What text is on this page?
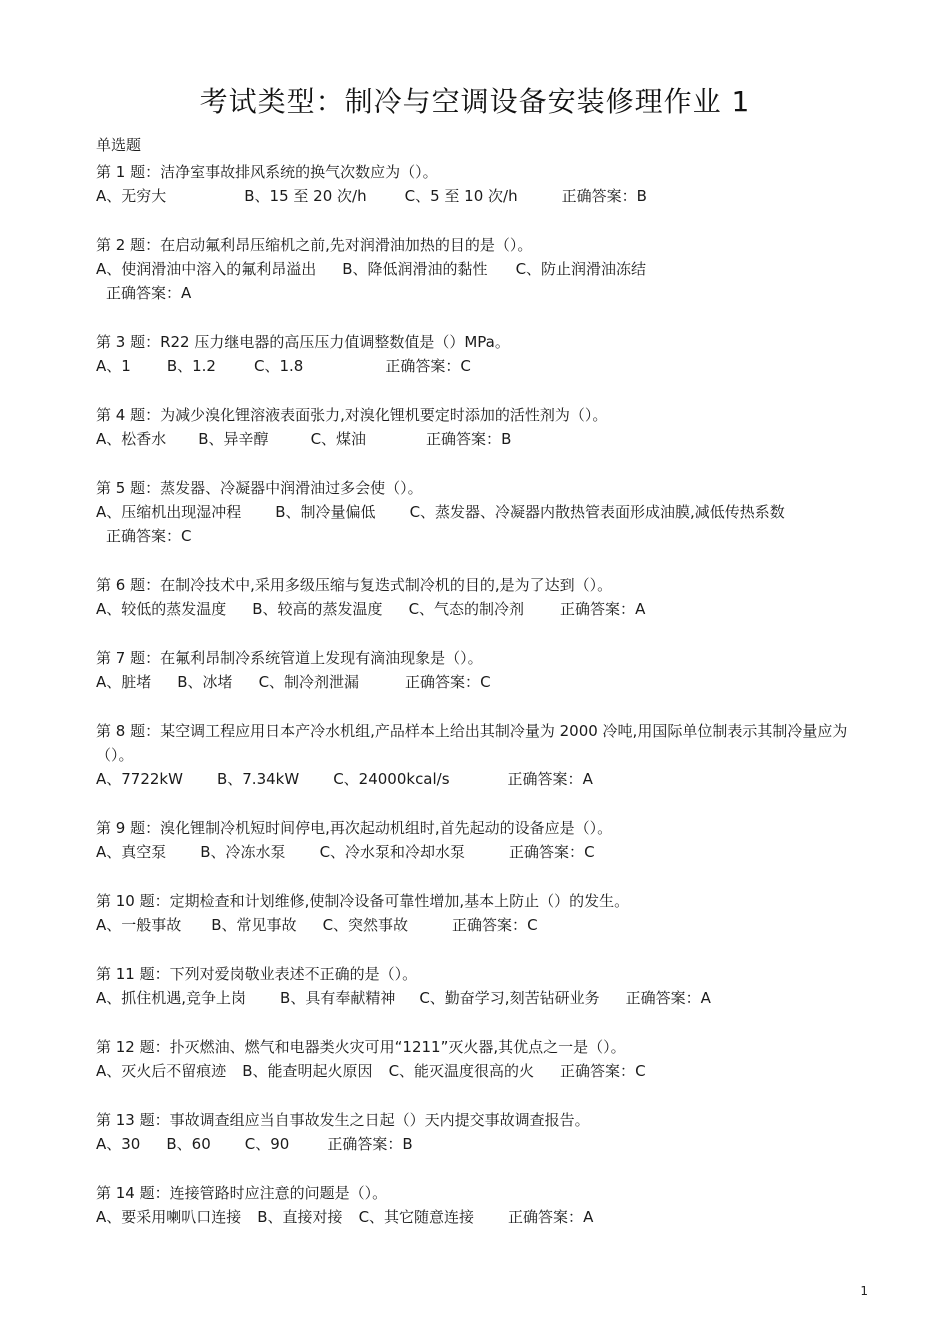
考试类型：制冷与空调设备安装修理作业 1
单选题

第 1 题：洁净室事故排风系统的换气次数应为（）。

A、无穷大	B、15 至 20 次/h	C、5 至 10 次/h	正确答案：B

第 2 题：在启动氟利昂压缩机之前,先对润滑油加热的目的是（）。

A、使润滑油中溶入的氟利昂溢出 B、降低润滑油的黏性 C、防止润滑油冻结

正确答案：A

第 3 题：R22 压力继电器的高压压力值调整数值是（）MPa。

A、1 B、1.2	C、1.8	正确答案：C

第 4 题：为减少溴化锂溶液表面张力,对溴化锂机要定时添加的活性剂为（）。

A、松香水 B、异辛醇	C、煤油	正确答案：B

第 5 题：蒸发器、冷凝器中润滑油过多会使（）。

A、压缩机出现湿冲程 B、制冷量偏低 C、蒸发器、冷凝器内散热管表面形成油膜,减低传热系数

正确答案：C

第 6 题：在制冷技术中,采用多级压缩与复迭式制冷机的目的,是为了达到（）。

A、较低的蒸发温度 B、较高的蒸发温度 C、气态的制冷剂 正确答案：A

第 7 题：在氟利昂制冷系统管道上发现有滴油现象是（）。

A、脏堵 B、冰堵 C、制冷剂泄漏	正确答案：C

第 8 题：某空调工程应用日本产冷水机组,产品样本上给出其制冷量为 2000 冷吨,用国际单位制表示其制冷量应为（）。

A、7722kW B、7.34kW C、24000kcal/s	正确答案：A

第 9 题：溴化锂制冷机短时间停电,再次起动机组时,首先起动的设备应是（）。

A、真空泵 B、冷冻水泵 C、冷水泵和冷却水泵	正确答案：C

第 10 题：定期检查和计划维修,使制冷设备可靠性增加,基本上防止（）的发生。

A、一般事故 B、常见事故 C、突然事故	正确答案：C

第 11 题：下列对爱岗敬业表述不正确的是（）。

A、抓住机遇,竞争上岗 B、具有奉献精神 C、勤奋学习,刻苦钻研业务 正确答案：A

第 12 题：扑灭燃油、燃气和电器类火灾可用“1211”灭火器,其优点之一是（）。

A、灭火后不留痕迹 B、能查明起火原因 C、能灭温度很高的火 正确答案：C

第 13 题：事故调查组应当自事故发生之日起（）天内提交事故调查报告。

A、30 B、60 C、90	正确答案：B

第 14 题：连接管路时应注意的问题是（）。

A、要采用喇叭口连接 B、直接对接 C、其它随意连接 正确答案：A

1
